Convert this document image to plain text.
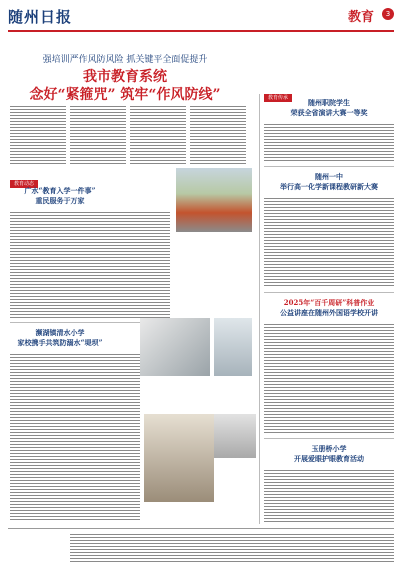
随州日报	教育	3
强培训严作风防风险 抓关键平全面促提升
我市教育系统
念好“紧箍咒” 筑牢“作风防线”
教育动态
广水“教育入学一件事”
重民服务于万家
濒湖镇清水小学
家校携手共筑防溺水“堤坝”
教育传承	随州职院学生
荣获全省演讲大赛一等奖
随州一中
举行高一化学新课程教研新大赛
2025年“百千周研”科普作业
公益讲座在随州外国语学校开讲
玉册桥小学
开展爱眼护眼教育活动
